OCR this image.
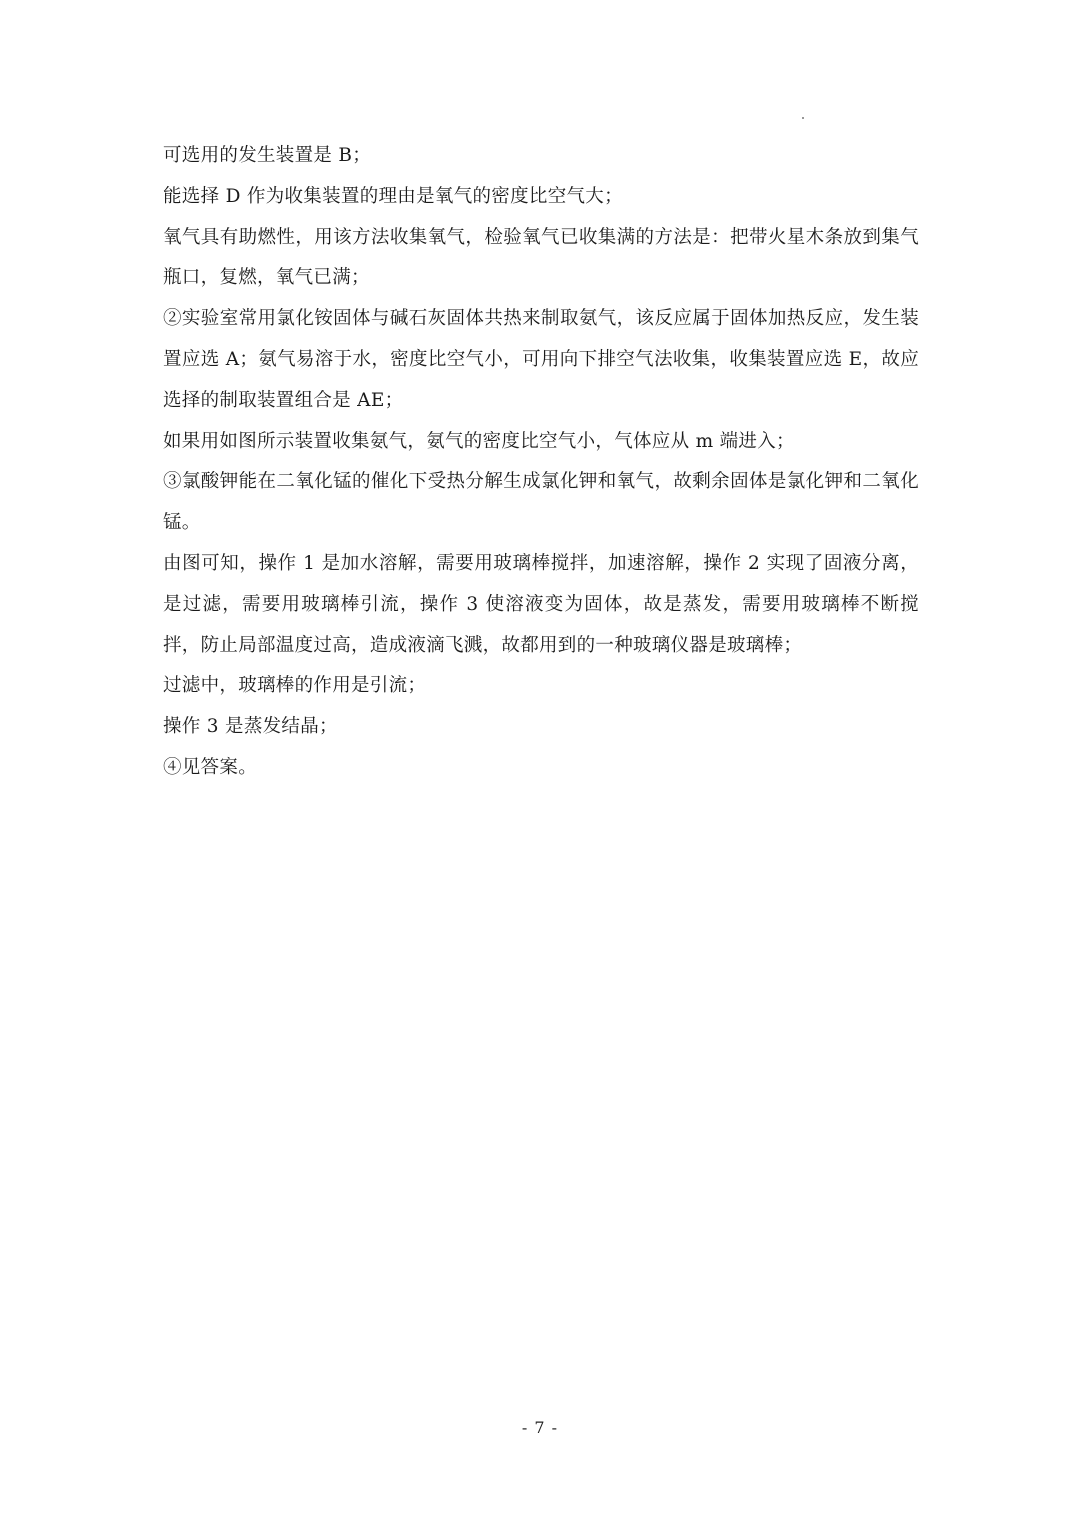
可选用的发生装置是 B；

能选择 D 作为收集装置的理由是氧气的密度比空气大；

氧气具有助燃性，用该方法收集氧气，检验氧气已收集满的方法是：把带火星木条放到集气瓶口，复燃，氧气已满；

②实验室常用氯化铵固体与碱石灰固体共热来制取氨气，该反应属于固体加热反应，发生装置应选 A；氨气易溶于水，密度比空气小，可用向下排空气法收集，收集装置应选 E，故应选择的制取装置组合是 AE；

如果用如图所示装置收集氨气，氨气的密度比空气小，气体应从 m 端进入；

③氯酸钾能在二氧化锰的催化下受热分解生成氯化钾和氧气，故剩余固体是氯化钾和二氧化锰。

由图可知，操作 1 是加水溶解，需要用玻璃棒搅拌，加速溶解，操作 2 实现了固液分离，是过滤，需要用玻璃棒引流，操作 3 使溶液变为固体，故是蒸发，需要用玻璃棒不断搅拌，防止局部温度过高，造成液滴飞溅，故都用到的一种玻璃仪器是玻璃棒；

过滤中，玻璃棒的作用是引流；

操作 3 是蒸发结晶；

④见答案。

- 7 -
